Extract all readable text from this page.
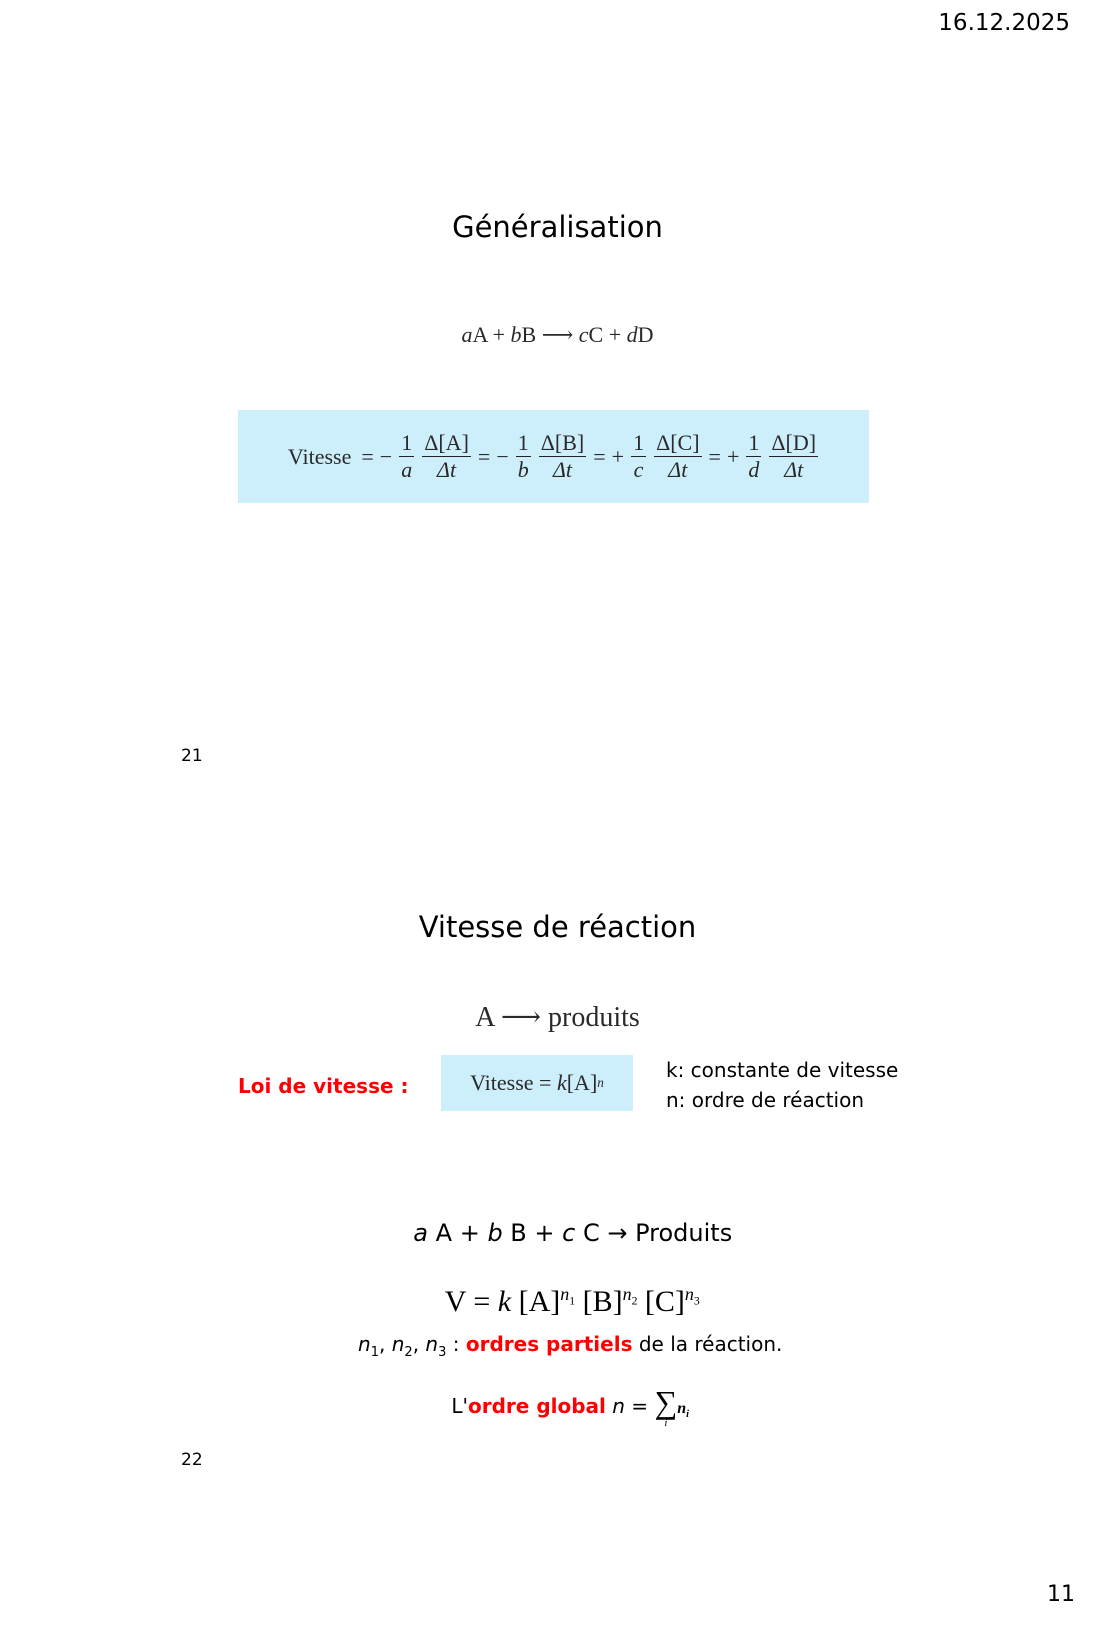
16.12.2025
Généralisation
aA + bB ⟶ cC + dD
Vitesse = − $\frac{1}{a} \frac{\Delta[A]}{\Delta t}$ = − $\frac{1}{b} \frac{\Delta[B]}{\Delta t}$ = + $\frac{1}{c} \frac{\Delta[C]}{\Delta t}$ = + $\frac{1}{d} \frac{\Delta[D]}{\Delta t}$
21
Vitesse de réaction
A ⟶ produits
Loi de vitesse :	Vitesse = k [A] n
k: constante de vitesse
n: ordre de réaction

a A + b B + c C → Produits

V = k $[A]^{n_1}$ $[B]^{n_2}$ $[C]^{n_3}$

$n_1$, $n_2$, $n_3$ : ordres partiels de la réaction.

L'ordre global n = ∑
i
$n_i$

22
11
